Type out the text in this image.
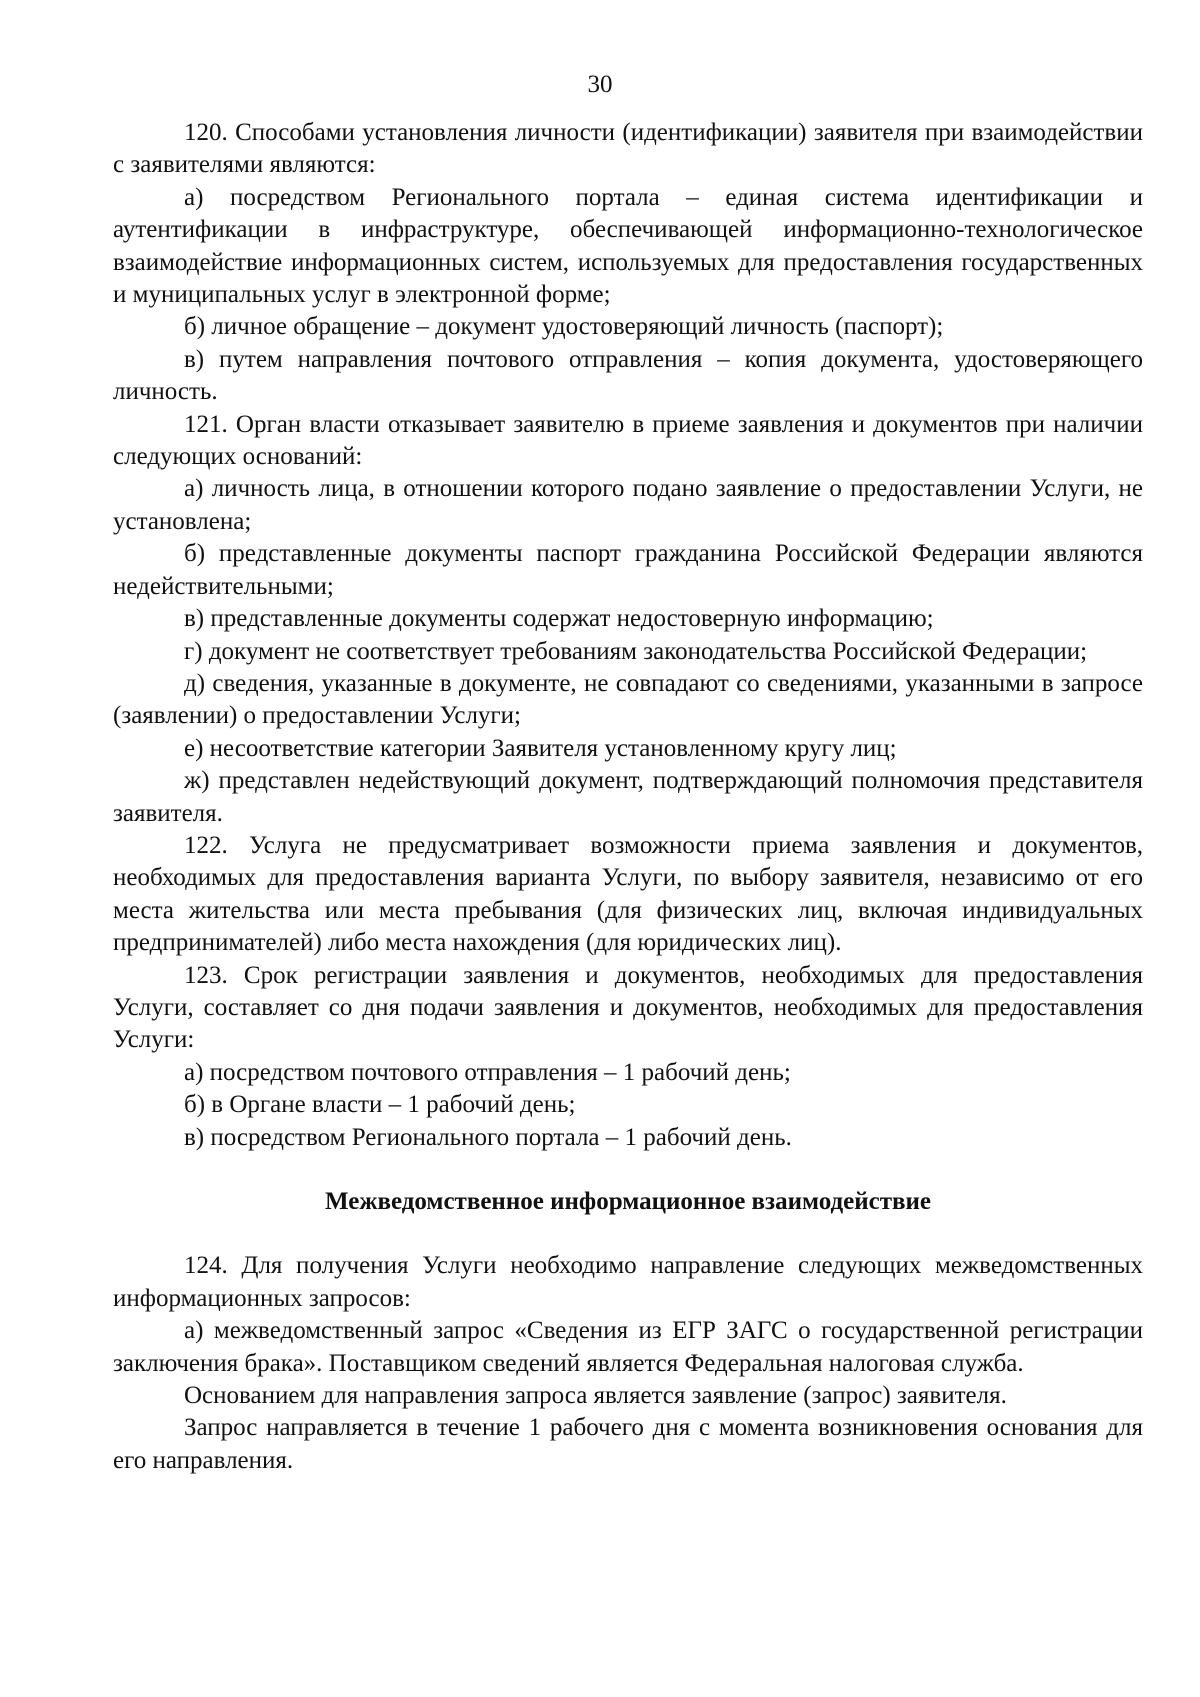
30

120. Способами установления личности (идентификации) заявителя при взаимодействии с заявителями являются:

а) посредством Регионального портала – единая система идентификации и аутентификации в инфраструктуре, обеспечивающей информационно-технологическое взаимодействие информационных систем, используемых для предоставления государственных и муниципальных услуг в электронной форме;

б) личное обращение – документ удостоверяющий личность (паспорт);

в) путем направления почтового отправления – копия документа, удостоверяющего личность.

121. Орган власти отказывает заявителю в приеме заявления и документов при наличии следующих оснований:

а) личность лица, в отношении которого подано заявление о предоставлении Услуги, не установлена;

б) представленные документы паспорт гражданина Российской Федерации являются недействительными;

в) представленные документы содержат недостоверную информацию;

г) документ не соответствует требованиям законодательства Российской Федерации;

д) сведения, указанные в документе, не совпадают со сведениями, указанными в запросе (заявлении) о предоставлении Услуги;

е) несоответствие категории Заявителя установленному кругу лиц;

ж) представлен недействующий документ, подтверждающий полномочия представителя заявителя.

122. Услуга не предусматривает возможности приема заявления и документов, необходимых для предоставления варианта Услуги, по выбору заявителя, независимо от его места жительства или места пребывания (для физических лиц, включая индивидуальных предпринимателей) либо места нахождения (для юридических лиц).

123. Срок регистрации заявления и документов, необходимых для предоставления Услуги, составляет со дня подачи заявления и документов, необходимых для предоставления Услуги:

а) посредством почтового отправления – 1 рабочий день;

б) в Органе власти – 1 рабочий день;

в) посредством Регионального портала – 1 рабочий день.

Межведомственное информационное взаимодействие

124. Для получения Услуги необходимо направление следующих межведомственных информационных запросов:

а) межведомственный запрос «Сведения из ЕГР ЗАГС о государственной регистрации заключения брака». Поставщиком сведений является Федеральная налоговая служба.

Основанием для направления запроса является заявление (запрос) заявителя.

Запрос направляется в течение 1 рабочего дня с момента возникновения основания для его направления.
